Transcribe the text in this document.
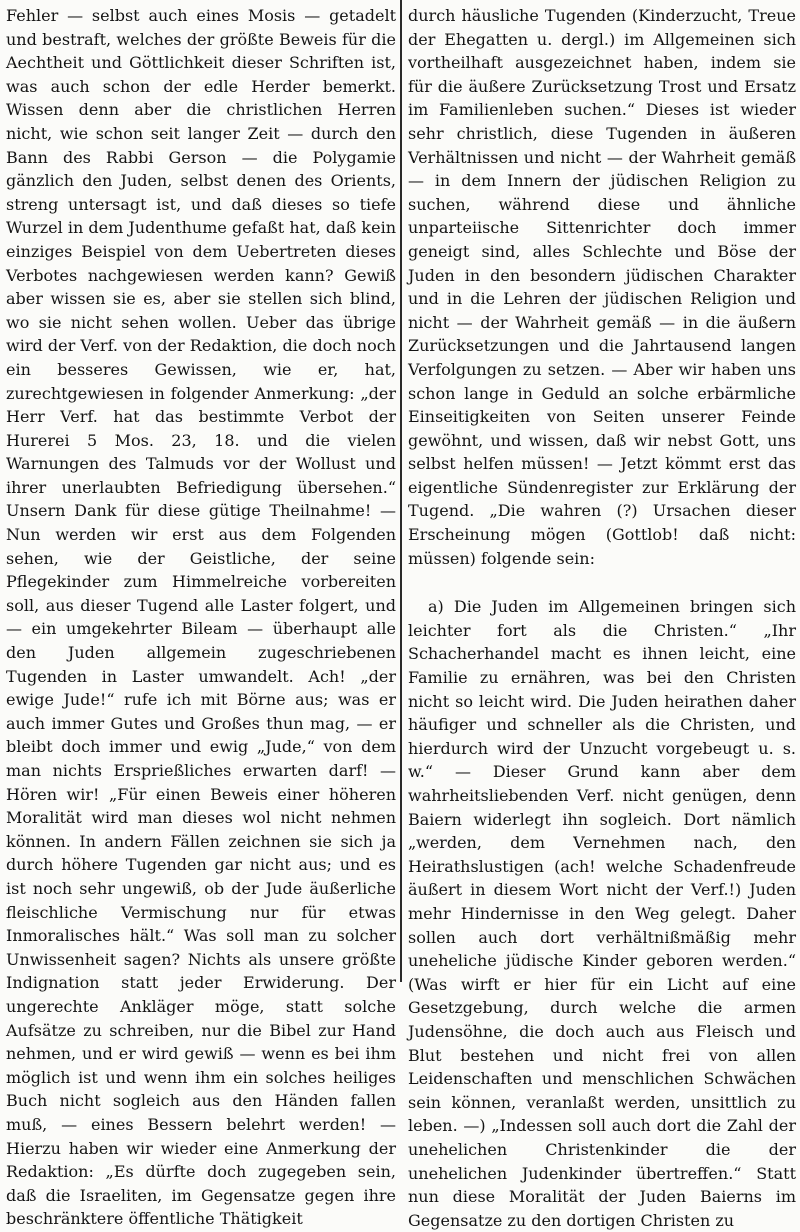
Fehler — selbst auch eines Mosis — getadelt und bestraft, welches der größte Beweis für die Aechtheit und Göttlichkeit dieser Schriften ist, was auch schon der edle Herder bemerkt. Wissen denn aber die christlichen Herren nicht, wie schon seit langer Zeit — durch den Bann des Rabbi Gerson — die Polygamie gänzlich den Juden, selbst denen des Orients, streng untersagt ist, und daß dieses so tiefe Wurzel in dem Judenthume gefaßt hat, daß kein einziges Beispiel von dem Uebertreten dieses Verbotes nachgewiesen werden kann? Gewiß aber wissen sie es, aber sie stellen sich blind, wo sie nicht sehen wollen. Ueber das übrige wird der Verf. von der Redaktion, die doch noch ein besseres Gewissen, wie er, hat, zurechtgewiesen in folgender Anmerkung: „der Herr Verf. hat das bestimmte Verbot der Hurerei 5 Mos. 23, 18. und die vielen Warnungen des Talmuds vor der Wollust und ihrer unerlaubten Befriedigung übersehen.“ Unsern Dank für diese gütige Theilnahme! — Nun werden wir erst aus dem Folgenden sehen, wie der Geistliche, der seine Pflegekinder zum Himmelreiche vorbereiten soll, aus dieser Tugend alle Laster folgert, und — ein umgekehrter Bileam — überhaupt alle den Juden allgemein zugeschriebenen Tugenden in Laster umwandelt. Ach! „der ewige Jude!“ rufe ich mit Börne aus; was er auch immer Gutes und Großes thun mag, — er bleibt doch immer und ewig „Jude,“ von dem man nichts Ersprießliches erwarten darf! — Hören wir! „Für einen Beweis einer höheren Moralität wird man dieses wol nicht nehmen können. In andern Fällen zeichnen sie sich ja durch höhere Tugenden gar nicht aus; und es ist noch sehr ungewiß, ob der Jude äußerliche fleischliche Vermischung nur für etwas Inmoralisches hält.“ Was soll man zu solcher Unwissenheit sagen? Nichts als unsere größte Indignation statt jeder Erwiderung. Der ungerechte Ankläger möge, statt solche Aufsätze zu schreiben, nur die Bibel zur Hand nehmen, und er wird gewiß — wenn es bei ihm möglich ist und wenn ihm ein solches heiliges Buch nicht sogleich aus den Händen fallen muß, — eines Bessern belehrt werden! — Hierzu haben wir wieder eine Anmerkung der Redaktion: „Es dürfte doch zugegeben sein, daß die Israeliten, im Gegensatze gegen ihre beschränktere öffentliche Thätigkeit

durch häusliche Tugenden (Kinderzucht, Treue der Ehegatten u. dergl.) im Allgemeinen sich vortheilhaft ausgezeichnet haben, indem sie für die äußere Zurücksetzung Trost und Ersatz im Familienleben suchen.“ Dieses ist wieder sehr christlich, diese Tugenden in äußeren Verhältnissen und nicht — der Wahrheit gemäß — in dem Innern der jüdischen Religion zu suchen, während diese und ähnliche unparteiische Sittenrichter doch immer geneigt sind, alles Schlechte und Böse der Juden in den besondern jüdischen Charakter und in die Lehren der jüdischen Religion und nicht — der Wahrheit gemäß — in die äußern Zurücksetzungen und die Jahrtausend langen Verfolgungen zu setzen. — Aber wir haben uns schon lange in Geduld an solche erbärmliche Einseitigkeiten von Seiten unserer Feinde gewöhnt, und wissen, daß wir nebst Gott, uns selbst helfen müssen! — Jetzt kömmt erst das eigentliche Sündenregister zur Erklärung der Tugend. „Die wahren (?) Ursachen dieser Erscheinung mögen (Gottlob! daß nicht: müssen) folgende sein:

a) Die Juden im Allgemeinen bringen sich leichter fort als die Christen.“ „Ihr Schacherhandel macht es ihnen leicht, eine Familie zu ernähren, was bei den Christen nicht so leicht wird. Die Juden heirathen daher häufiger und schneller als die Christen, und hierdurch wird der Unzucht vorgebeugt u. s. w.“ — Dieser Grund kann aber dem wahrheitsliebenden Verf. nicht genügen, denn Baiern widerlegt ihn sogleich. Dort nämlich „werden, dem Vernehmen nach, den Heirathslustigen (ach! welche Schadenfreude äußert in diesem Wort nicht der Verf.!) Juden mehr Hindernisse in den Weg gelegt. Daher sollen auch dort verhältnißmäßig mehr uneheliche jüdische Kinder geboren werden.“ (Was wirft er hier für ein Licht auf eine Gesetzgebung, durch welche die armen Judensöhne, die doch auch aus Fleisch und Blut bestehen und nicht frei von allen Leidenschaften und menschlichen Schwächen sein können, veranlaßt werden, unsittlich zu leben. —) „Indessen soll auch dort die Zahl der unehelichen Christenkinder die der unehelichen Judenkinder übertreffen.“ Statt nun diese Moralität der Juden Baierns im Gegensatze zu den dortigen Christen zu
